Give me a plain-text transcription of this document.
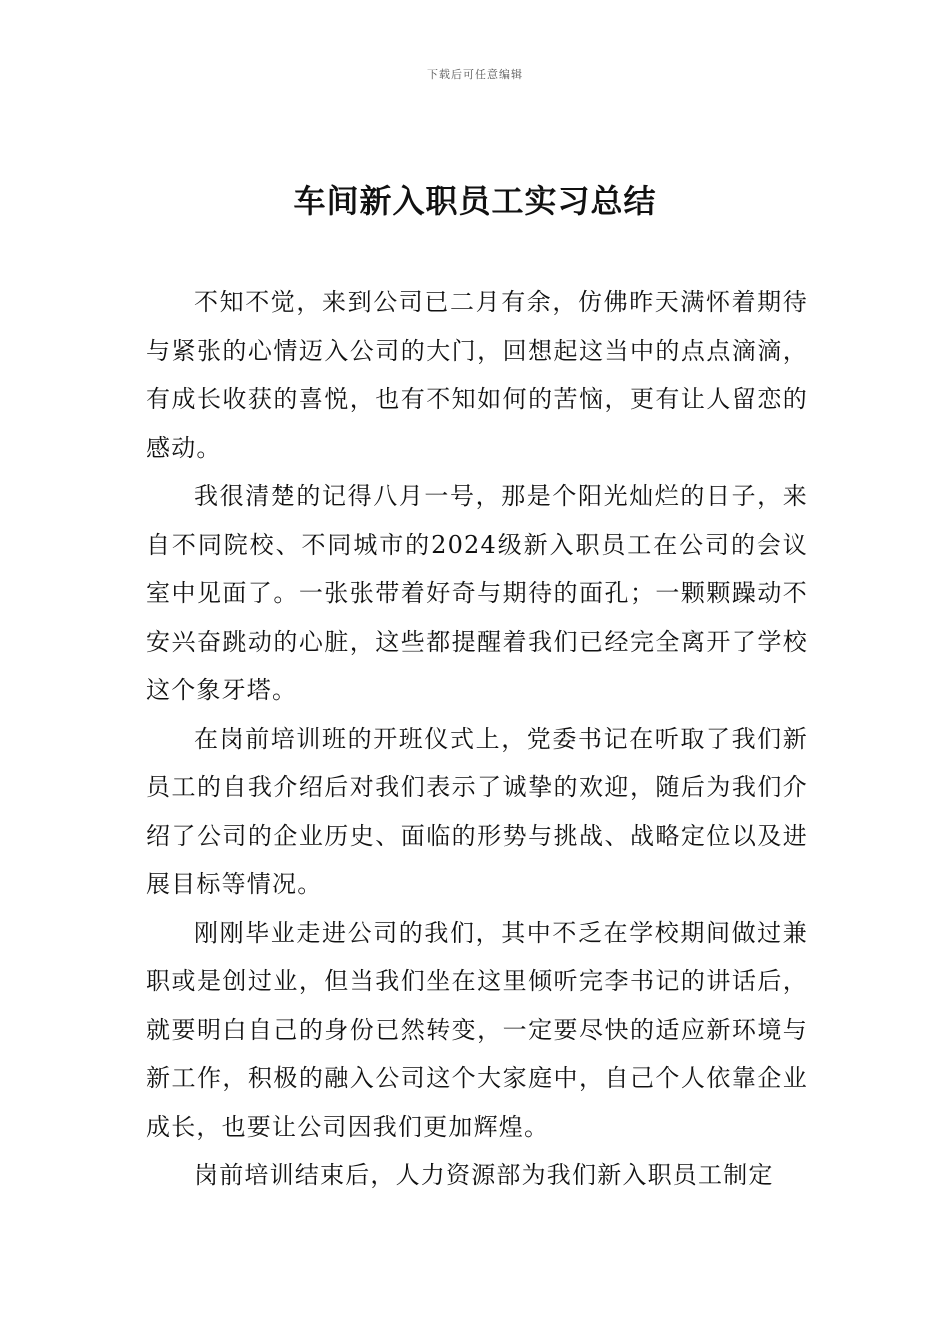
下载后可任意编辑
车间新入职员工实习总结

不知不觉，来到公司已二月有余，仿佛昨天满怀着期待与紧张的心情迈入公司的大门，回想起这当中的点点滴滴，有成长收获的喜悦，也有不知如何的苦恼，更有让人留恋的感动。

我很清楚的记得八月一号，那是个阳光灿烂的日子，来自不同院校、不同城市的2024级新入职员工在公司的会议室中见面了。一张张带着好奇与期待的面孔；一颗颗躁动不安兴奋跳动的心脏，这些都提醒着我们已经完全离开了学校这个象牙塔。

在岗前培训班的开班仪式上，党委书记在听取了我们新员工的自我介绍后对我们表示了诚挚的欢迎，随后为我们介绍了公司的企业历史、面临的形势与挑战、战略定位以及进展目标等情况。

刚刚毕业走进公司的我们，其中不乏在学校期间做过兼职或是创过业，但当我们坐在这里倾听完李书记的讲话后，就要明白自己的身份已然转变，一定要尽快的适应新环境与新工作，积极的融入公司这个大家庭中，自己个人依靠企业成长，也要让公司因我们更加辉煌。

岗前培训结束后，人力资源部为我们新入职员工制定
